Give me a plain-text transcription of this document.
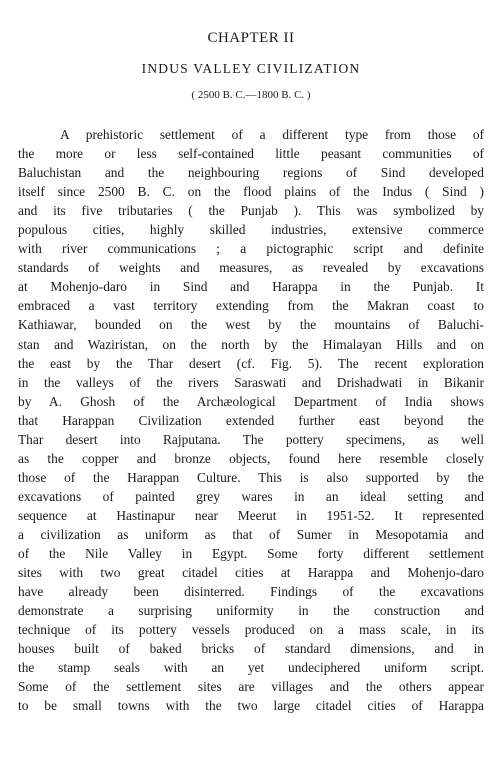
CHAPTER II
INDUS VALLEY CIVILIZATION
( 2500 B. C.—1800 B. C. )
A prehistoric settlement of a different type from those of
the more or less self-contained little peasant communities of
Baluchistan and the neighbouring regions of Sind developed
itself since 2500 B. C. on the flood plains of the Indus ( Sind )
and its five tributaries ( the Punjab ). This was symbolized by
populous cities, highly skilled industries, extensive commerce
with river communications ; a pictographic script and definite
standards of weights and measures, as revealed by excavations
at Mohenjo-daro in Sind and Harappa in the Punjab. It
embraced a vast territory extending from the Makran coast to
Kathiawar, bounded on the west by the mountains of Baluchi-
stan and Waziristan, on the north by the Himalayan Hills and on
the east by the Thar desert (cf. Fig. 5). The recent exploration
in the valleys of the rivers Saraswati and Drishadwati in Bikanir
by A. Ghosh of the Archæological Department of India shows
that Harappan Civilization extended further east beyond the
Thar desert into Rajputana. The pottery specimens, as well
as the copper and bronze objects, found here resemble closely
those of the Harappan Culture. This is also supported by the
excavations of painted grey wares in an ideal setting and
sequence at Hastinapur near Meerut in 1951-52. It represented
a civilization as uniform as that of Sumer in Mesopotamia and
of the Nile Valley in Egypt. Some forty different settlement
sites with two great citadel cities at Harappa and Mohenjo-daro
have already been disinterred. Findings of the excavations
demonstrate a surprising uniformity in the construction and
technique of its pottery vessels produced on a mass scale, in its
houses built of baked bricks of standard dimensions, and in
the stamp seals with an yet undeciphered uniform script.
Some of the settlement sites are villages and the others appear
to be small towns with the two large citadel cities of Harappa
